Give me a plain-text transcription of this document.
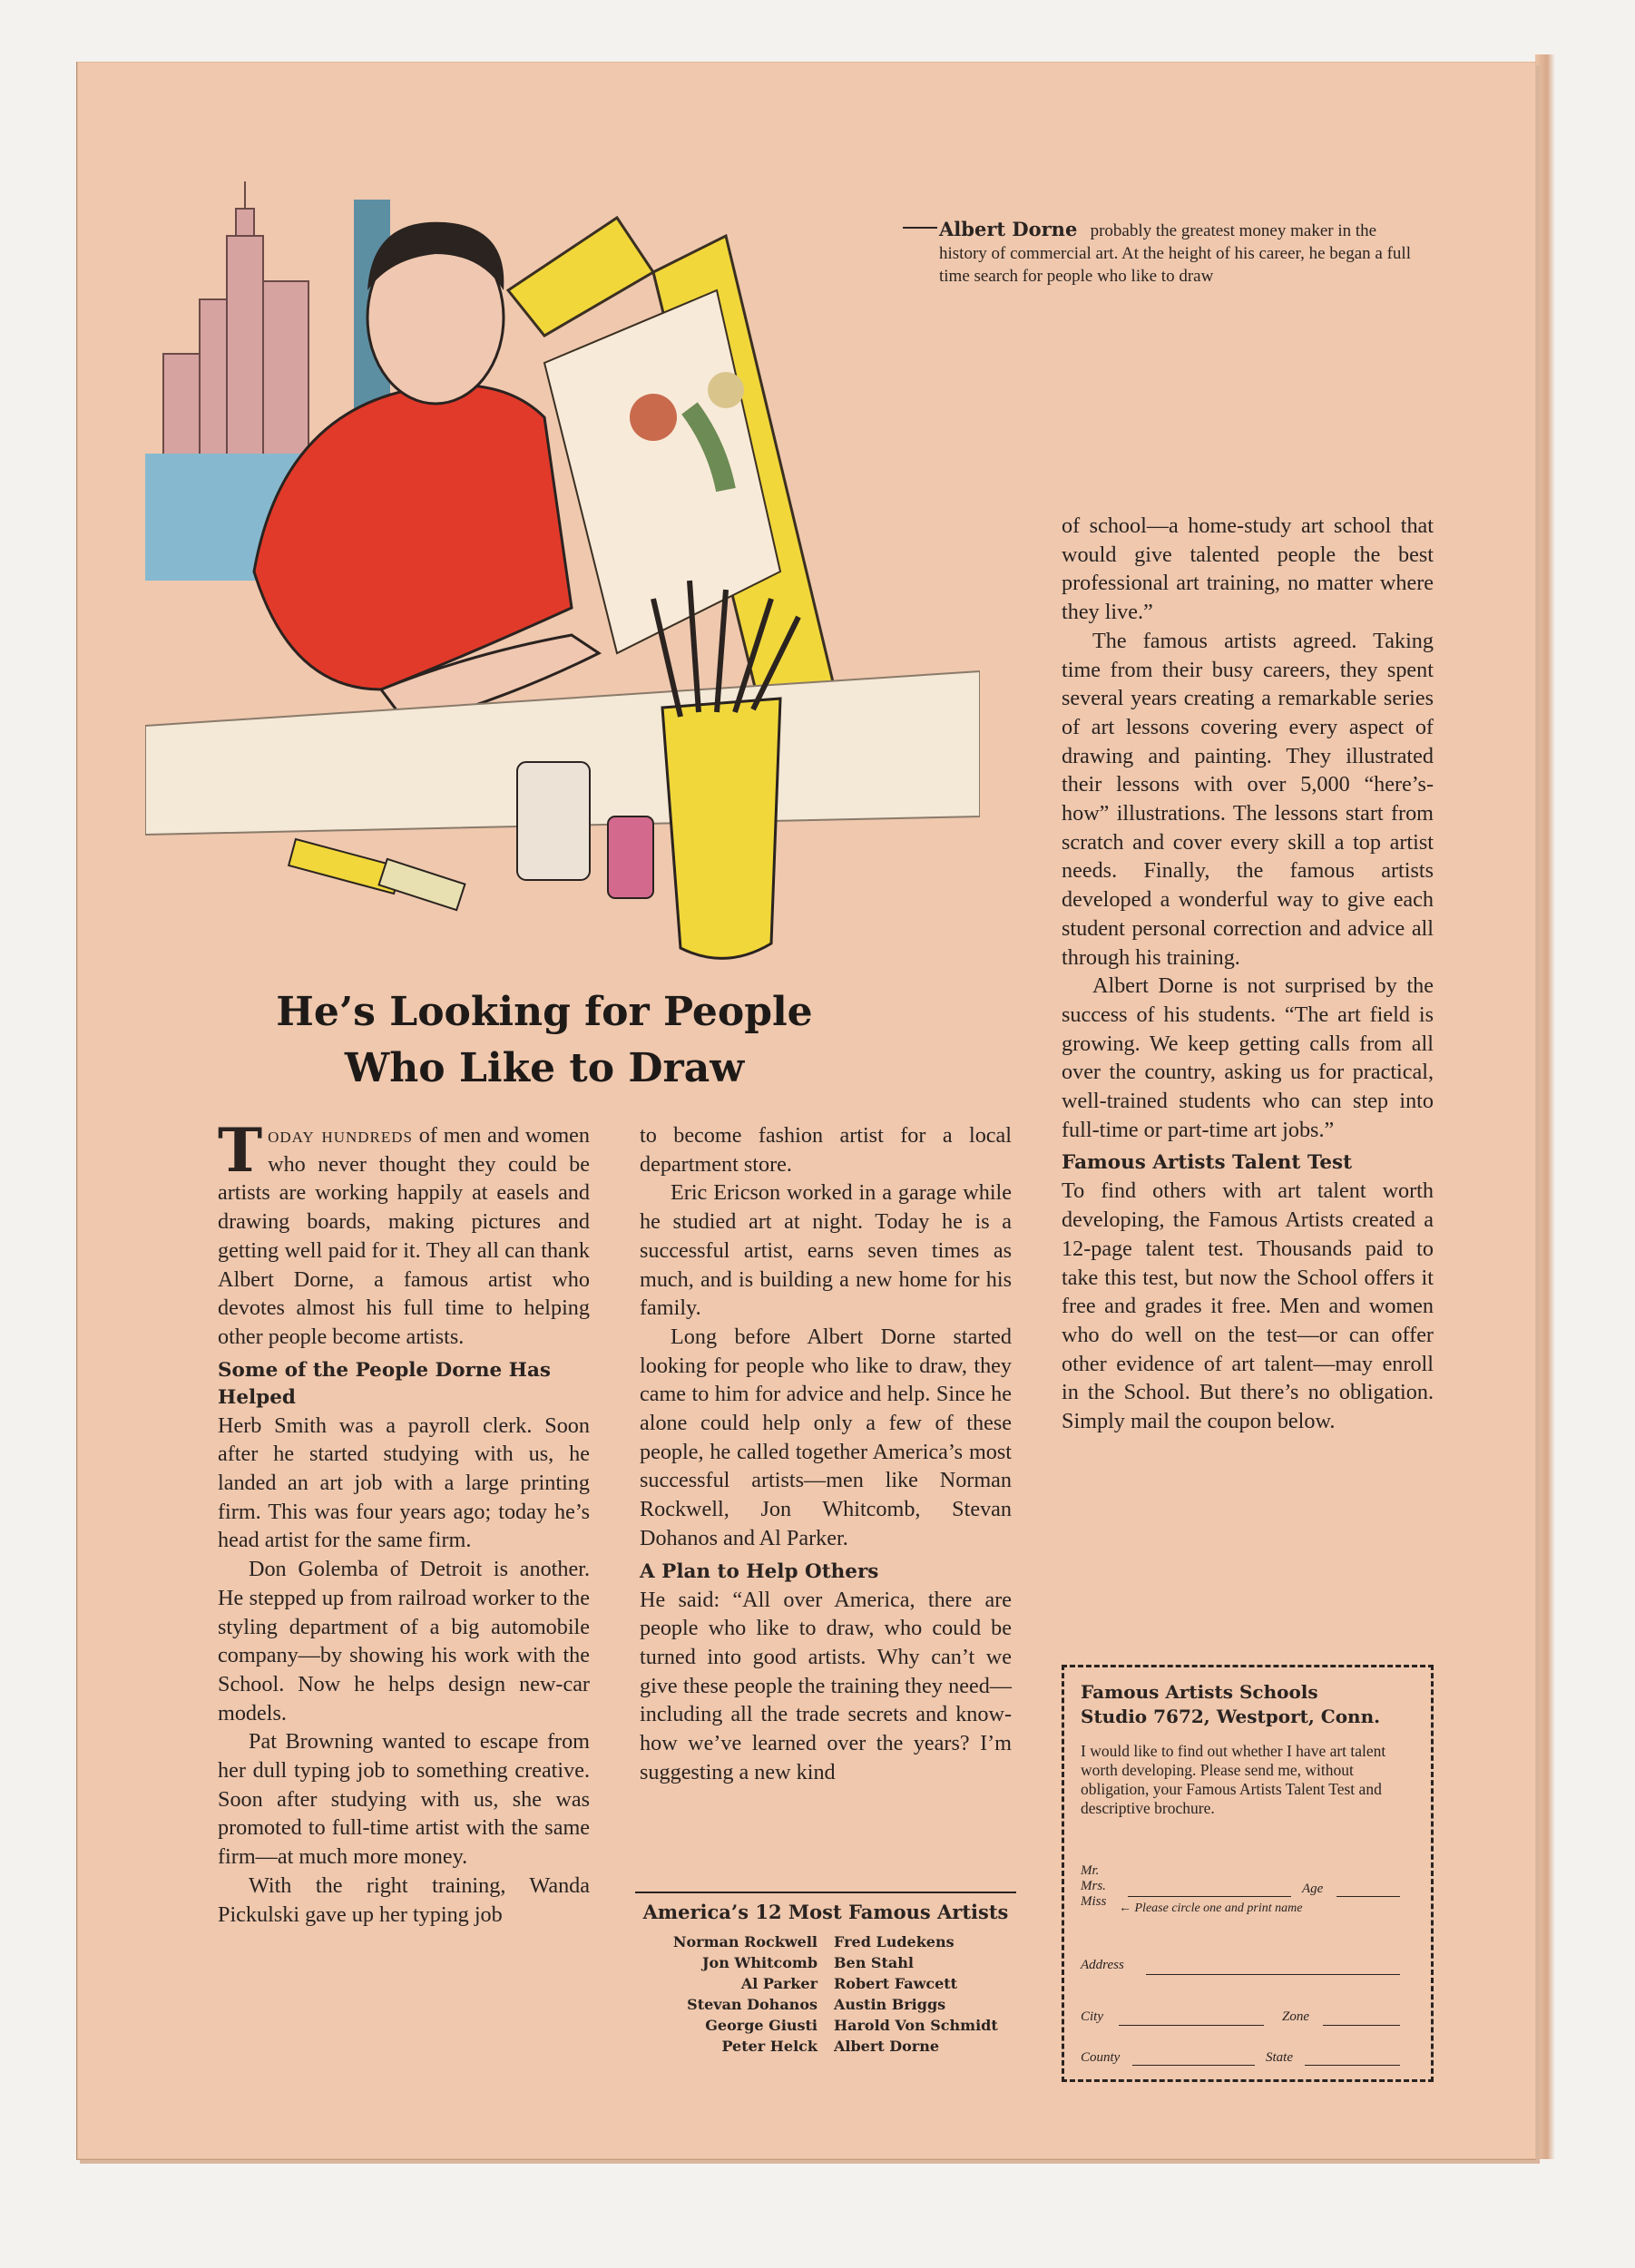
Albert Dorne probably the greatest money maker in the history of commercial art. At the height of his career, he began a full time search for people who like to draw
He’s Looking for People
Who Like to Draw

Today hundreds of men and women who never thought they could be artists are working happily at easels and drawing boards, making pictures and getting well paid for it. They all can thank Albert Dorne, a famous artist who devotes almost his full time to helping other people become artists.

Some of the People Dorne Has Helped

Herb Smith was a payroll clerk. Soon after he started studying with us, he landed an art job with a large printing firm. This was four years ago; today he’s head artist for the same firm.

Don Golemba of Detroit is another. He stepped up from railroad worker to the styling department of a big automobile company—by showing his work with the School. Now he helps design new-car models.

Pat Browning wanted to escape from her dull typing job to something creative. Soon after studying with us, she was promoted to full-time artist with the same firm—at much more money.

With the right training, Wanda Pickulski gave up her typing job

to become fashion artist for a local department store.

Eric Ericson worked in a garage while he studied art at night. Today he is a successful artist, earns seven times as much, and is building a new home for his family.

Long before Albert Dorne started looking for people who like to draw, they came to him for advice and help. Since he alone could help only a few of these people, he called together America’s most successful artists—men like Norman Rockwell, Jon Whitcomb, Stevan Dohanos and Al Parker.

A Plan to Help Others

He said: “All over America, there are people who like to draw, who could be turned into good artists. Why can’t we give these people the training they need—including all the trade secrets and know-how we’ve learned over the years? I’m suggesting a new kind

America’s 12 Most Famous Artists
Norman Rockwell Fred Ludekens
Jon Whitcomb Ben Stahl
Al Parker Robert Fawcett
Stevan Dohanos Austin Briggs
George Giusti Harold Von Schmidt
Peter Helck Albert Dorne

of school—a home-study art school that would give talented people the best professional art training, no matter where they live.”

The famous artists agreed. Taking time from their busy careers, they spent several years creating a remarkable series of art lessons covering every aspect of drawing and painting. They illustrated their lessons with over 5,000 “here’s-how” illustrations. The lessons start from scratch and cover every skill a top artist needs. Finally, the famous artists developed a wonderful way to give each student personal correction and advice all through his training.

Albert Dorne is not surprised by the success of his students. “The art field is growing. We keep getting calls from all over the country, asking us for practical, well-trained students who can step into full-time or part-time art jobs.”

Famous Artists Talent Test

To find others with art talent worth developing, the Famous Artists created a 12-page talent test. Thousands paid to take this test, but now the School offers it free and grades it free. Men and women who do well on the test—or can offer other evidence of art talent—may enroll in the School. But there’s no obligation. Simply mail the coupon below.

Famous Artists Schools
Studio 7672, Westport, Conn.
I would like to find out whether I have art talent worth developing. Please send me, without obligation, your Famous Artists Talent Test and descriptive brochure.
Mr.
Mrs.
Miss
Age
← Please circle one and print name
Address
City	Zone
County	State
